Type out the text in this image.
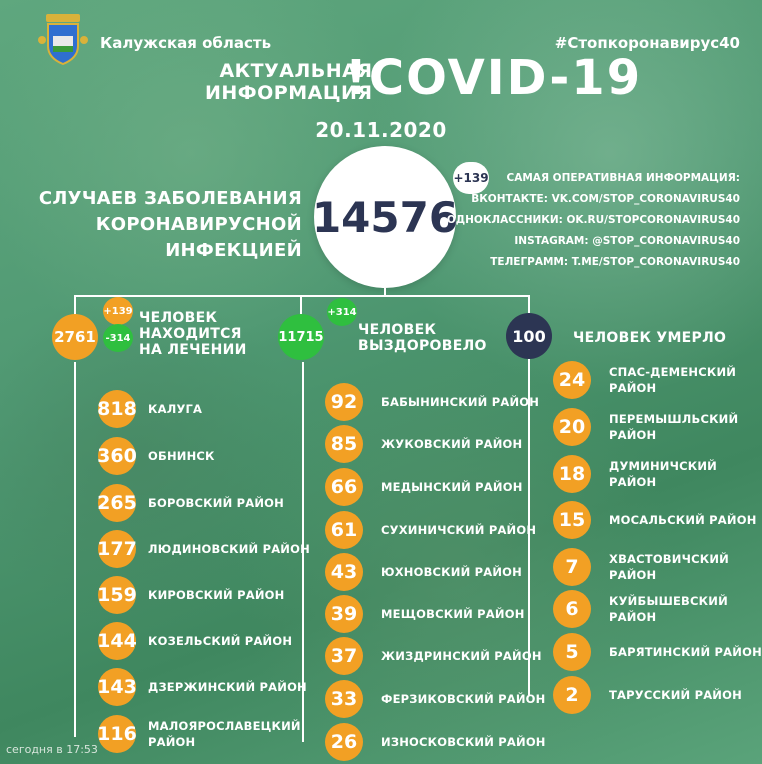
Калужская область	#Стопкоронавирус40
АКТУАЛЬНАЯ
ИНФОРМАЦИЯ
!COVID-19
20.11.2020
СЛУЧАЕВ ЗАБОЛЕВАНИЯ
КОРОНАВИРУСНОЙ ИНФЕКЦИЕЙ
14576
+139	САМАЯ ОПЕРАТИВНАЯ ИНФОРМАЦИЯ:
ВКОНТАКТЕ: VK.COM/STOP_CORONAVIRUS40
ОДНОКЛАССНИКИ: OK.RU/STOPCORONAVIRUS40
INSTAGRAM: @STOP_CORONAVIRUS40
ТЕЛЕГРАММ: T.ME/STOP_CORONAVIRUS40
2761
+139
-314
ЧЕЛОВЕК
НАХОДИТСЯ
НА ЛЕЧЕНИИ
11715
+314
ЧЕЛОВЕК
ВЫЗДОРОВЕЛО
100	ЧЕЛОВЕК УМЕРЛО
818 КАЛУГА
360 ОБНИНСК
265 БОРОВСКИЙ РАЙОН
177 ЛЮДИНОВСКИЙ РАЙОН
159 КИРОВСКИЙ РАЙОН
144 КОЗЕЛЬСКИЙ РАЙОН
143 ДЗЕРЖИНСКИЙ РАЙОН
116 МАЛОЯРОСЛАВЕЦКИЙ
РАЙОН
92	БАБЫНИНСКИЙ РАЙОН
85	ЖУКОВСКИЙ РАЙОН
66	МЕДЫНСКИЙ РАЙОН
61	СУХИНИЧСКИЙ РАЙОН
43	ЮХНОВСКИЙ РАЙОН
39	МЕЩОВСКИЙ РАЙОН
37	ЖИЗДРИНСКИЙ РАЙОН
33	ФЕРЗИКОВСКИЙ РАЙОН
26	ИЗНОСКОВСКИЙ РАЙОН
24	СПАС-ДЕМЕНСКИЙ
РАЙОН
20	ПЕРЕМЫШЛЬСКИЙ
РАЙОН
18	ДУМИНИЧСКИЙ РАЙОН
15	МОСАЛЬСКИЙ РАЙОН
7	ХВАСТОВИЧСКИЙ РАЙОН
6	КУЙБЫШЕВСКИЙ РАЙОН
5	БАРЯТИНСКИЙ РАЙОН
2	ТАРУССКИЙ РАЙОН
сегодня в 17:53
